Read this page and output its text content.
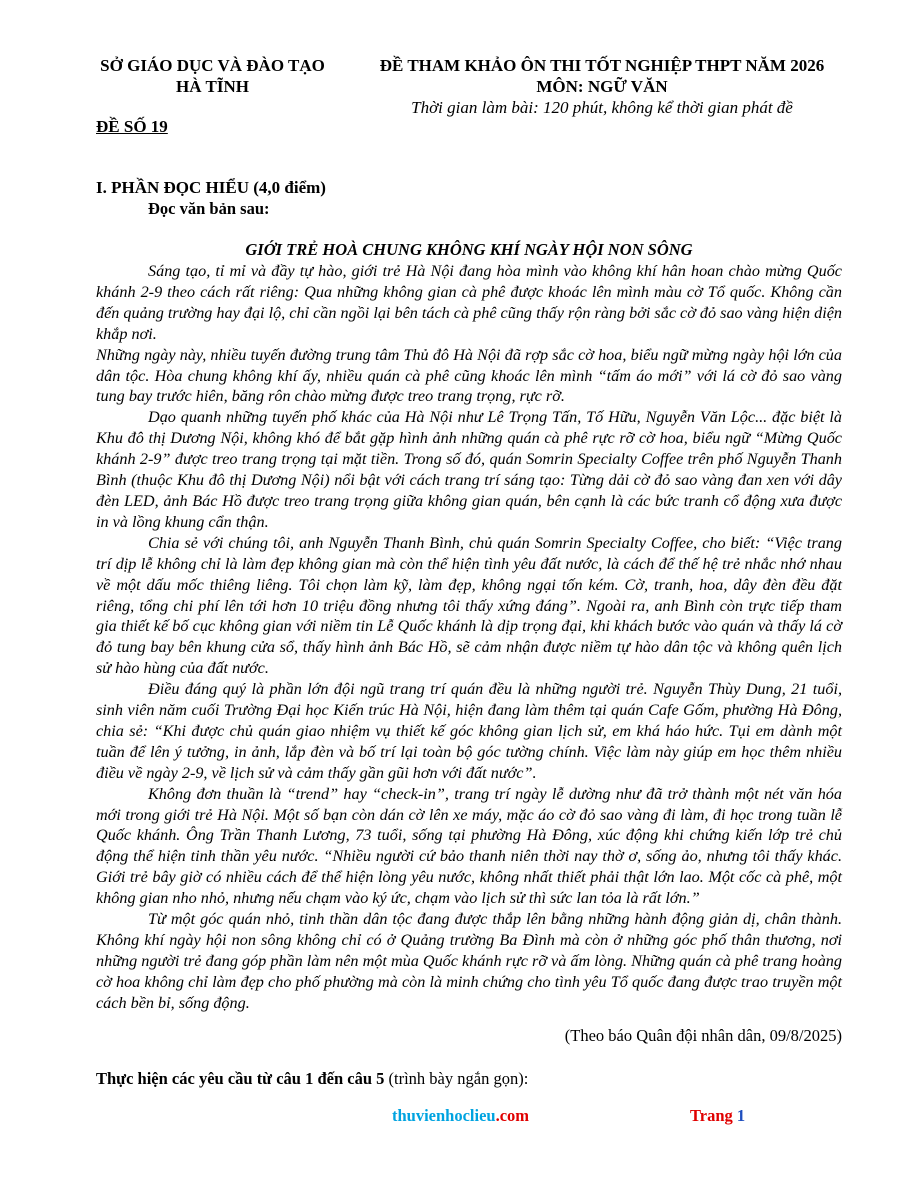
SỞ GIÁO DỤC VÀ ĐÀO TẠO
HÀ TĨNH
ĐỀ THAM KHẢO ÔN THI TỐT NGHIỆP THPT NĂM 2026
MÔN: NGỮ VĂN
Thời gian làm bài: 120 phút, không kể thời gian phát đề
ĐỀ SỐ 19
I. PHẦN ĐỌC HIỂU (4,0 điểm)
Đọc văn bản sau:
GIỚI TRẺ HOÀ CHUNG KHÔNG KHÍ NGÀY HỘI NON SÔNG

Sáng tạo, tỉ mỉ và đầy tự hào, giới trẻ Hà Nội đang hòa mình vào không khí hân hoan chào mừng Quốc khánh 2-9 theo cách rất riêng: Qua những không gian cà phê được khoác lên mình màu cờ Tổ quốc. Không cần đến quảng trường hay đại lộ, chỉ cần ngồi lại bên tách cà phê cũng thấy rộn ràng bởi sắc cờ đỏ sao vàng hiện diện khắp nơi.

Những ngày này, nhiều tuyến đường trung tâm Thủ đô Hà Nội đã rợp sắc cờ hoa, biểu ngữ mừng ngày hội lớn của dân tộc. Hòa chung không khí ấy, nhiều quán cà phê cũng khoác lên mình “tấm áo mới” với lá cờ đỏ sao vàng tung bay trước hiên, băng rôn chào mừng được treo trang trọng, rực rỡ.

Dạo quanh những tuyến phố khác của Hà Nội như Lê Trọng Tấn, Tố Hữu, Nguyễn Văn Lộc... đặc biệt là Khu đô thị Dương Nội, không khó để bắt gặp hình ảnh những quán cà phê rực rỡ cờ hoa, biểu ngữ “Mừng Quốc khánh 2-9” được treo trang trọng tại mặt tiền. Trong số đó, quán Somrin Specialty Coffee trên phố Nguyễn Thanh Bình (thuộc Khu đô thị Dương Nội) nổi bật với cách trang trí sáng tạo: Từng dải cờ đỏ sao vàng đan xen với dây đèn LED, ảnh Bác Hồ được treo trang trọng giữa không gian quán, bên cạnh là các bức tranh cổ động xưa được in và lồng khung cẩn thận.

Chia sẻ với chúng tôi, anh Nguyễn Thanh Bình, chủ quán Somrin Specialty Coffee, cho biết: “Việc trang trí dịp lễ không chỉ là làm đẹp không gian mà còn thể hiện tình yêu đất nước, là cách để thế hệ trẻ nhắc nhớ nhau về một dấu mốc thiêng liêng. Tôi chọn làm kỹ, làm đẹp, không ngại tốn kém. Cờ, tranh, hoa, dây đèn đều đặt riêng, tổng chi phí lên tới hơn 10 triệu đồng nhưng tôi thấy xứng đáng”. Ngoài ra, anh Bình còn trực tiếp tham gia thiết kế bố cục không gian với niềm tin Lễ Quốc khánh là dịp trọng đại, khi khách bước vào quán và thấy lá cờ đỏ tung bay bên khung cửa sổ, thấy hình ảnh Bác Hồ, sẽ cảm nhận được niềm tự hào dân tộc và không quên lịch sử hào hùng của đất nước.

Điều đáng quý là phần lớn đội ngũ trang trí quán đều là những người trẻ. Nguyễn Thùy Dung, 21 tuổi, sinh viên năm cuối Trường Đại học Kiến trúc Hà Nội, hiện đang làm thêm tại quán Cafe Gốm, phường Hà Đông, chia sẻ: “Khi được chủ quán giao nhiệm vụ thiết kế góc không gian lịch sử, em khá háo hức. Tụi em dành một tuần để lên ý tưởng, in ảnh, lắp đèn và bố trí lại toàn bộ góc tường chính. Việc làm này giúp em học thêm nhiều điều về ngày 2-9, về lịch sử và cảm thấy gần gũi hơn với đất nước”.

Không đơn thuần là “trend” hay “check-in”, trang trí ngày lễ dường như đã trở thành một nét văn hóa mới trong giới trẻ Hà Nội. Một số bạn còn dán cờ lên xe máy, mặc áo cờ đỏ sao vàng đi làm, đi học trong tuần lễ Quốc khánh. Ông Trần Thanh Lương, 73 tuổi, sống tại phường Hà Đông, xúc động khi chứng kiến lớp trẻ chủ động thể hiện tinh thần yêu nước. “Nhiều người cứ bảo thanh niên thời nay thờ ơ, sống ảo, nhưng tôi thấy khác. Giới trẻ bây giờ có nhiều cách để thể hiện lòng yêu nước, không nhất thiết phải thật lớn lao. Một cốc cà phê, một không gian nho nhỏ, nhưng nếu chạm vào ký ức, chạm vào lịch sử thì sức lan tỏa là rất lớn.”

Từ một góc quán nhỏ, tinh thần dân tộc đang được thắp lên bằng những hành động giản dị, chân thành. Không khí ngày hội non sông không chỉ có ở Quảng trường Ba Đình mà còn ở những góc phố thân thương, nơi những người trẻ đang góp phần làm nên một mùa Quốc khánh rực rỡ và ấm lòng. Những quán cà phê trang hoàng cờ hoa không chỉ làm đẹp cho phố phường mà còn là minh chứng cho tình yêu Tổ quốc đang được trao truyền một cách bền bỉ, sống động.

(Theo báo Quân đội nhân dân, 09/8/2025)
Thực hiện các yêu cầu từ câu 1 đến câu 5 (trình bày ngắn gọn):
thuvienhoclieu.com	Trang 1
